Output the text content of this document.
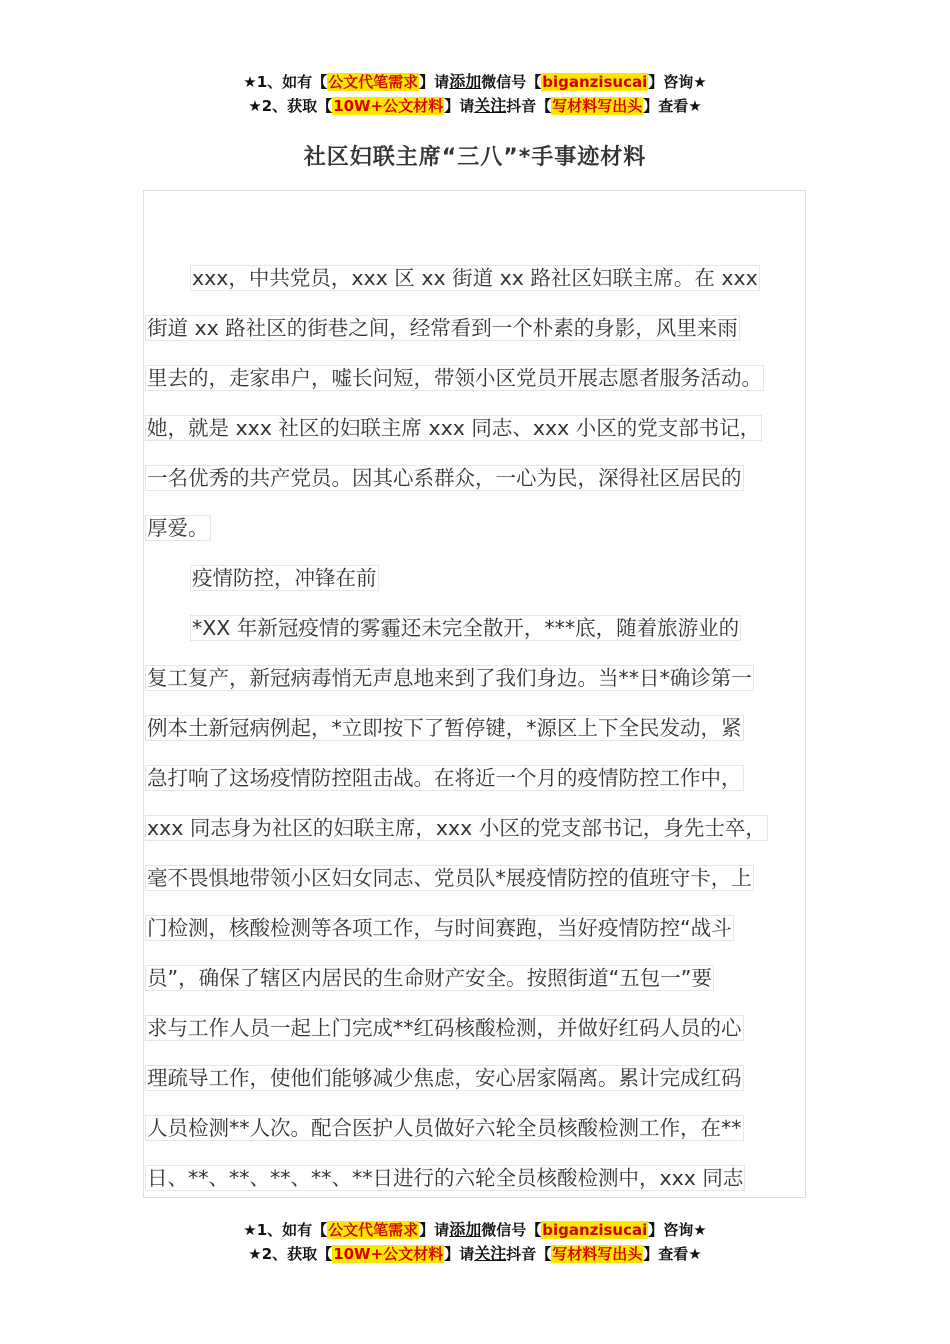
★1、如有【公文代笔需求】请添加微信号【biganzisucai】咨询★
★2、获取【10W+公文材料】请关注抖音【写材料写出头】查看★
社区妇联主席“三八”*手事迹材料
xxx，中共党员，xxx 区 xx 街道 xx 路社区妇联主席。在 xxx
街道 xx 路社区的街巷之间，经常看到一个朴素的身影，风里来雨
里去的，走家串户，嘘长问短，带领小区党员开展志愿者服务活动。
她，就是 xxx 社区的妇联主席 xxx 同志、xxx 小区的党支部书记，
一名优秀的共产党员。因其心系群众，一心为民，深得社区居民的
厚爱。
疫情防控，冲锋在前
*XX 年新冠疫情的雾霾还未完全散开，***底，随着旅游业的
复工复产，新冠病毒悄无声息地来到了我们身边。当**日*确诊第一
例本土新冠病例起，*立即按下了暂停键，*源区上下全民发动，紧
急打响了这场疫情防控阻击战。在将近一个月的疫情防控工作中，
xxx 同志身为社区的妇联主席，xxx 小区的党支部书记，身先士卒，
毫不畏惧地带领小区妇女同志、党员队*展疫情防控的值班守卡，上
门检测，核酸检测等各项工作，与时间赛跑，当好疫情防控“战斗
员”，确保了辖区内居民的生命财产安全。按照街道“五包一”要
求与工作人员一起上门完成**红码核酸检测，并做好红码人员的心
理疏导工作，使他们能够减少焦虑，安心居家隔离。累计完成红码
人员检测**人次。配合医护人员做好六轮全员核酸检测工作，在**
日、**、**、**、**、**日进行的六轮全员核酸检测中，xxx 同志
★1、如有【公文代笔需求】请添加微信号【biganzisucai】咨询★
★2、获取【10W+公文材料】请关注抖音【写材料写出头】查看★
